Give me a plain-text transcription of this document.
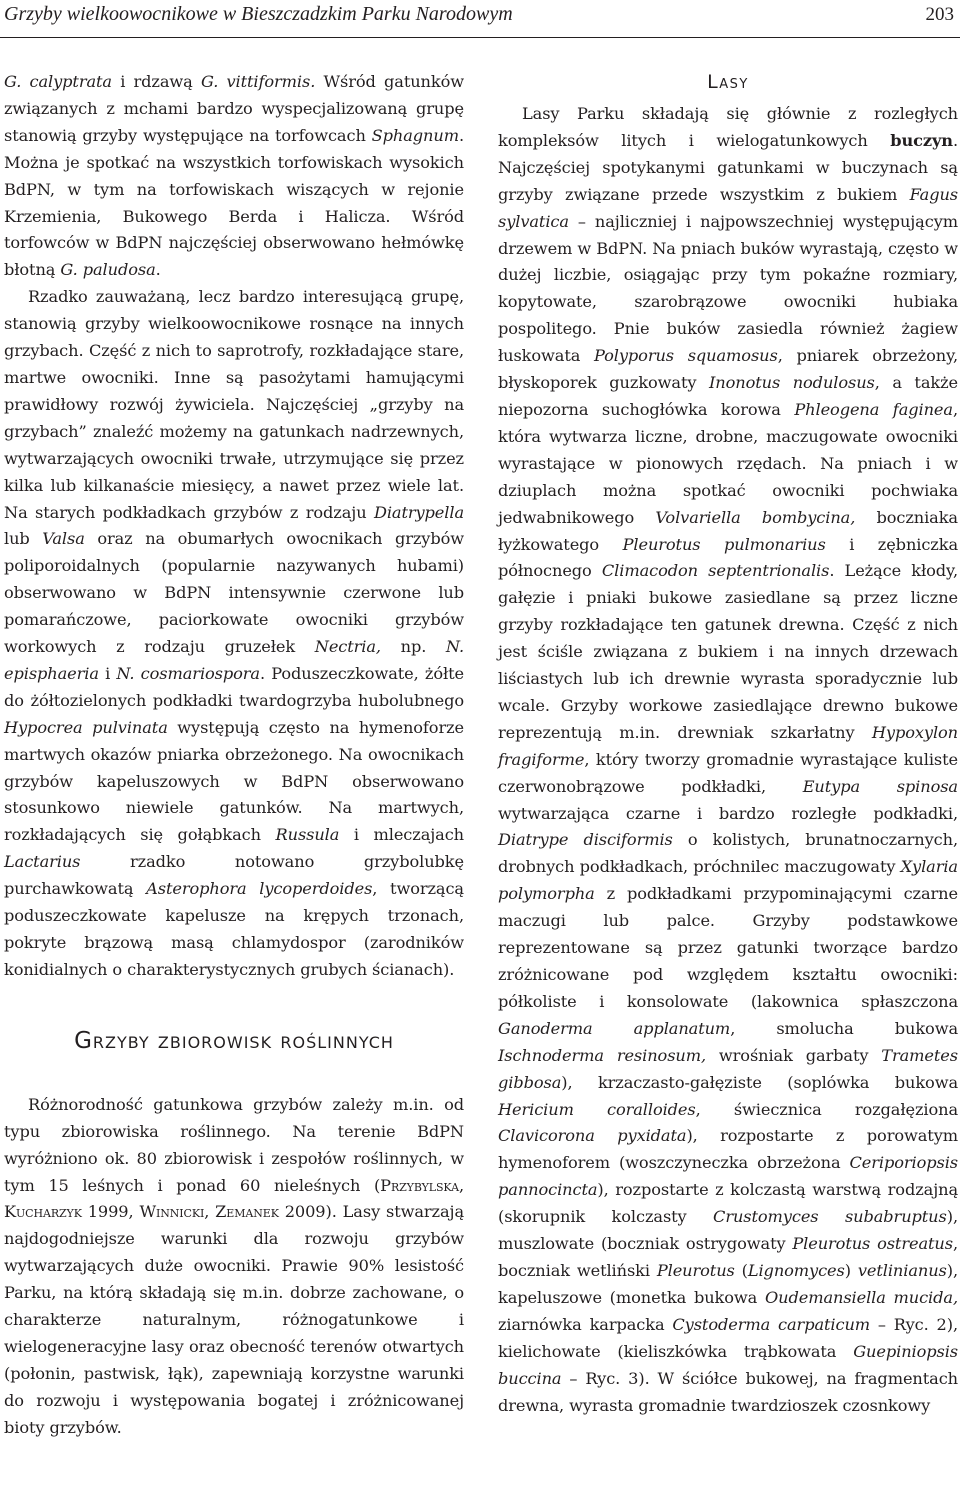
Grzyby wielkoowocnikowe w Bieszczadzkim Parku Narodowym	203

G. calyptrata i rdzawą G. vittiformis. Wśród gatunków związanych z mchami bardzo wyspecjalizowaną grupę stanowią grzyby występujące na torfowcach Sphagnum. Można je spotkać na wszystkich torfowiskach wysokich BdPN, w tym na torfowiskach wiszących w rejonie Krzemienia, Bukowego Berda i Halicza. Wśród torfowców w BdPN najczęściej obserwowano hełmówkę błotną G. paludosa.

Rzadko zauważaną, lecz bardzo interesującą grupę, stanowią grzyby wielkoowocnikowe rosnące na innych grzybach. Część z nich to saprotrofy, rozkładające stare, martwe owocniki. Inne są pasożytami hamującymi prawidłowy rozwój żywiciela. Najczęściej „grzyby na grzybach” znaleźć możemy na gatunkach nadrzewnych, wytwarzających owocniki trwałe, utrzymujące się przez kilka lub kilkanaście miesięcy, a nawet przez wiele lat. Na starych podkładkach grzybów z rodzaju Diatrypella lub Valsa oraz na obumarłych owocnikach grzybów poliporoidalnych (popularnie nazywanych hubami) obserwowano w BdPN intensywnie czerwone lub pomarańczowe, paciorkowate owocniki grzybów workowych z rodzaju gruzełek Nectria, np. N. episphaeria i N. cosmariospora. Poduszeczkowate, żółte do żółtozielonych podkładki twardogrzyba hubolubnego Hypocrea pulvinata występują często na hymenoforze martwych okazów pniarka obrzeżonego. Na owocnikach grzybów kapeluszowych w BdPN obserwowano stosunkowo niewiele gatunków. Na martwych, rozkładających się gołąbkach Russula i mleczajach Lactarius rzadko notowano grzybolubkę purchawkowatą Asterophora lycoperdoides, tworzącą poduszeczkowate kapelusze na krępych trzonach, pokryte brązową masą chlamydospor (zarodników konidialnych o charakterystycznych grubych ścianach).

Grzyby zbiorowisk roślinnych

Różnorodność gatunkowa grzybów zależy m.in. od typu zbiorowiska roślinnego. Na terenie BdPN wyróżniono ok. 80 zbiorowisk i zespołów roślinnych, w tym 15 leśnych i ponad 60 nieleśnych (Przybylska, Kucharzyk 1999, Winnicki, Zemanek 2009). Lasy stwarzają najdogodniejsze warunki dla rozwoju grzybów wytwarzających duże owocniki. Prawie 90% lesistość Parku, na którą składają się m.in. dobrze zachowane, o charakterze naturalnym, różnogatunkowe i wielogeneracyjne lasy oraz obecność terenów otwartych (połonin, pastwisk, łąk), zapewniają korzystne warunki do rozwoju i występowania bogatej i zróżnicowanej bioty grzybów.

Lasy

Lasy Parku składają się głównie z rozległych kompleksów litych i wielogatunkowych buczyn. Najczęściej spotykanymi gatunkami w buczynach są grzyby związane przede wszystkim z bukiem Fagus sylvatica – najliczniej i najpowszechniej występującym drzewem w BdPN. Na pniach buków wyrastają, często w dużej liczbie, osiągając przy tym pokaźne rozmiary, kopytowate, szarobrązowe owocniki hubiaka pospolitego. Pnie buków zasiedla również żagiew łuskowata Polyporus squamosus, pniarek obrzeżony, błyskoporek guzkowaty Inonotus nodulosus, a także niepozorna suchogłówka korowa Phleogena faginea, która wytwarza liczne, drobne, maczugowate owocniki wyrastające w pionowych rzędach. Na pniach i w dziuplach można spotkać owocniki pochwiaka jedwabnikowego Volvariella bombycina, boczniaka łyżkowatego Pleurotus pulmonarius i zębniczka północnego Climacodon septentrionalis. Leżące kłody, gałęzie i pniaki bukowe zasiedlane są przez liczne grzyby rozkładające ten gatunek drewna. Część z nich jest ściśle związana z bukiem i na innych drzewach liściastych lub ich drewnie wyrasta sporadycznie lub wcale. Grzyby workowe zasiedlające drewno bukowe reprezentują m.in. drewniak szkarłatny Hypoxylon fragiforme, który tworzy gromadnie wyrastające kuliste czerwonobrązowe podkładki, Eutypa spinosa wytwarzająca czarne i bardzo rozległe podkładki, Diatrype disciformis o kolistych, brunatnoczarnych, drobnych podkładkach, próchnilec maczugowaty Xylaria polymorpha z podkładkami przypominającymi czarne maczugi lub palce. Grzyby podstawkowe reprezentowane są przez gatunki tworzące bardzo zróżnicowane pod względem kształtu owocniki: półkoliste i konsolowate (lakownica spłaszczona Ganoderma applanatum, smolucha bukowa Ischnoderma resinosum, wrośniak garbaty Trametes gibbosa), krzaczasto-gałęziste (soplówka bukowa Hericium coralloides, świecznica rozgałęziona Clavicorona pyxidata), rozpostarte z porowatym hymenoforem (woszczyneczka obrzeżona Ceriporiopsis pannocincta), rozpostarte z kolczastą warstwą rodzajną (skorupnik kolczasty Crustomyces subabruptus), muszlowate (boczniak ostrygowaty Pleurotus ostreatus, boczniak wetliński Pleurotus (Lignomyces) vetlinianus), kapeluszowe (monetka bukowa Oudemansiella mucida, ziarnówka karpacka Cystoderma carpaticum – Ryc. 2), kielichowate (kieliszkówka trąbkowata Guepiniopsis buccina – Ryc. 3). W ściółce bukowej, na fragmentach drewna, wyrasta gromadnie twardzioszek czosnkowy
